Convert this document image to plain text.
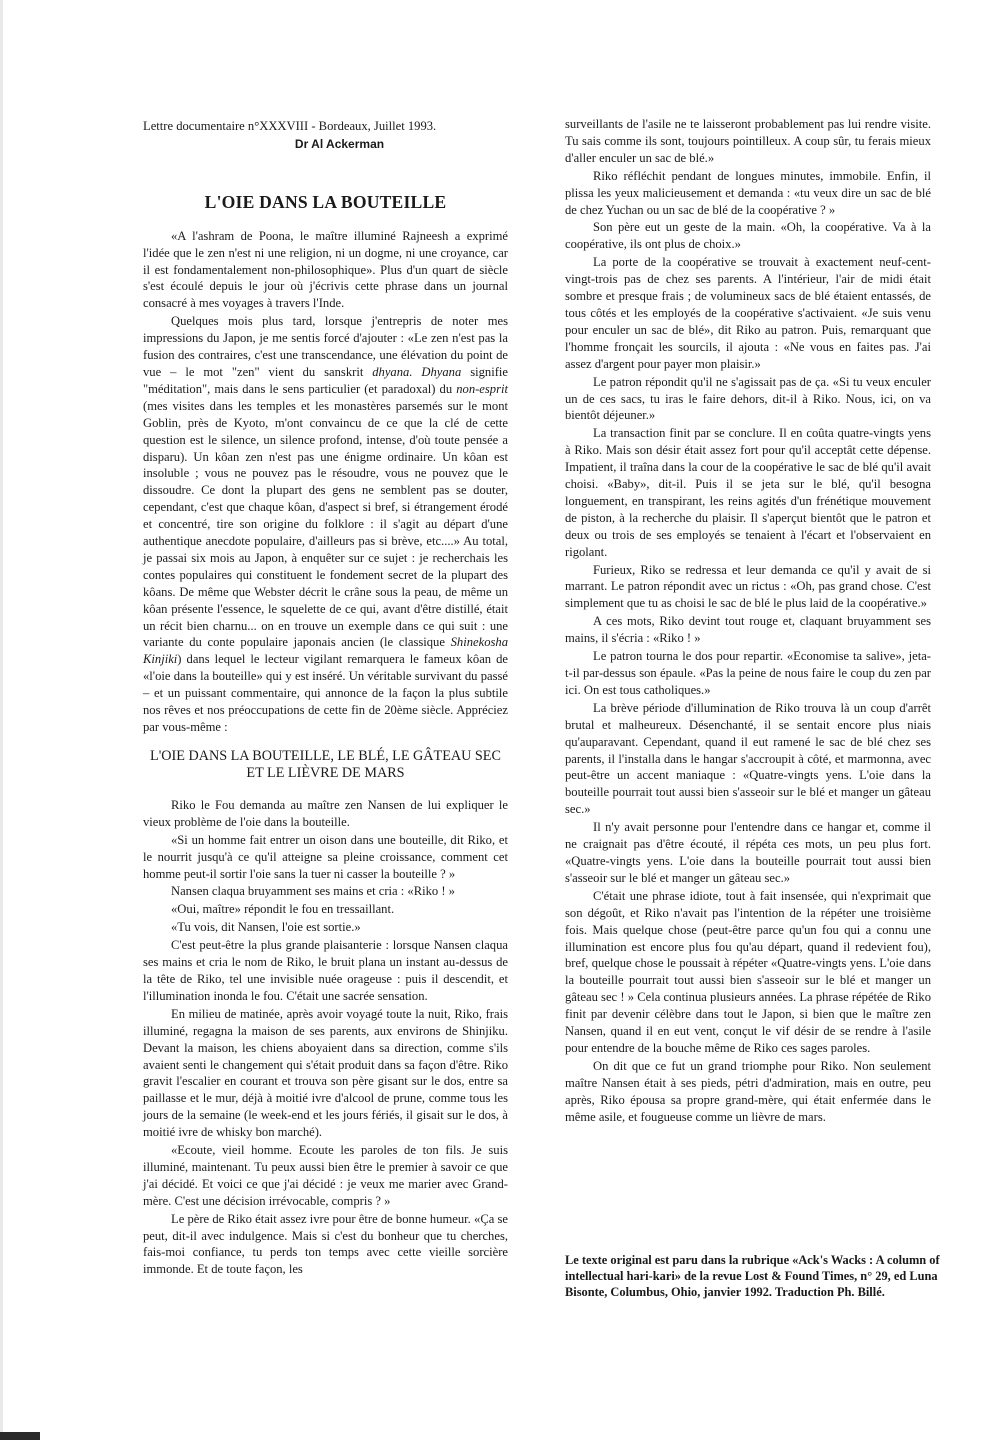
Lettre documentaire n°XXXVIII - Bordeaux, Juillet 1993.

Dr Al Ackerman

L'OIE DANS LA BOUTEILLE

«A l'ashram de Poona, le maître illuminé Rajneesh a exprimé l'idée que le zen n'est ni une religion, ni un dogme, ni une croyance, car il est fondamentalement non-philosophique». Plus d'un quart de siècle s'est écoulé depuis le jour où j'écrivis cette phrase dans un journal consacré à mes voyages à travers l'Inde.

Quelques mois plus tard, lorsque j'entrepris de noter mes impressions du Japon, je me sentis forcé d'ajouter : «Le zen n'est pas la fusion des contraires, c'est une transcendance, une élévation du point de vue – le mot "zen" vient du sanskrit dhyana. Dhyana signifie "méditation", mais dans le sens particulier (et paradoxal) du non-esprit (mes visites dans les temples et les monastères parsemés sur le mont Goblin, près de Kyoto, m'ont convaincu de ce que la clé de cette question est le silence, un silence profond, intense, d'où toute pensée a disparu). Un kôan zen n'est pas une énigme ordinaire. Un kôan est insoluble ; vous ne pouvez pas le résoudre, vous ne pouvez que le dissoudre. Ce dont la plupart des gens ne semblent pas se douter, cependant, c'est que chaque kôan, d'aspect si bref, si étrangement érodé et concentré, tire son origine du folklore : il s'agit au départ d'une authentique anecdote populaire, d'ailleurs pas si brève, etc....» Au total, je passai six mois au Japon, à enquêter sur ce sujet : je recherchais les contes populaires qui constituent le fondement secret de la plupart des kôans. De même que Webster décrit le crâne sous la peau, de même un kôan présente l'essence, le squelette de ce qui, avant d'être distillé, était un récit bien charnu... on en trouve un exemple dans ce qui suit : une variante du conte populaire japonais ancien (le classique Shinekosha Kinjiki) dans lequel le lecteur vigilant remarquera le fameux kôan de «l'oie dans la bouteille» qui y est inséré. Un véritable survivant du passé – et un puissant commentaire, qui annonce de la façon la plus subtile nos rêves et nos préoccupations de cette fin de 20ème siècle. Appréciez par vous-même :

L'OIE DANS LA BOUTEILLE, LE BLÉ, LE GÂTEAU SEC ET LE LIÈVRE DE MARS

Riko le Fou demanda au maître zen Nansen de lui expliquer le vieux problème de l'oie dans la bouteille.

«Si un homme fait entrer un oison dans une bouteille, dit Riko, et le nourrit jusqu'à ce qu'il atteigne sa pleine croissance, comment cet homme peut-il sortir l'oie sans la tuer ni casser la bouteille ? »

Nansen claqua bruyamment ses mains et cria : «Riko ! »

«Oui, maître» répondit le fou en tressaillant.

«Tu vois, dit Nansen, l'oie est sortie.»

C'est peut-être la plus grande plaisanterie : lorsque Nansen claqua ses mains et cria le nom de Riko, le bruit plana un instant au-dessus de la tête de Riko, tel une invisible nuée orageuse : puis il descendit, et l'illumination inonda le fou. C'était une sacrée sensation.

En milieu de matinée, après avoir voyagé toute la nuit, Riko, frais illuminé, regagna la maison de ses parents, aux environs de Shinjiku. Devant la maison, les chiens aboyaient dans sa direction, comme s'ils avaient senti le changement qui s'était produit dans sa façon d'être. Riko gravit l'escalier en courant et trouva son père gisant sur le dos, entre sa paillasse et le mur, déjà à moitié ivre d'alcool de prune, comme tous les jours de la semaine (le week-end et les jours fériés, il gisait sur le dos, à moitié ivre de whisky bon marché).

«Ecoute, vieil homme. Ecoute les paroles de ton fils. Je suis illuminé, maintenant. Tu peux aussi bien être le premier à savoir ce que j'ai décidé. Et voici ce que j'ai décidé : je veux me marier avec Grand-mère. C'est une décision irrévocable, compris ? »

Le père de Riko était assez ivre pour être de bonne humeur. «Ça se peut, dit-il avec indulgence. Mais si c'est du bonheur que tu cherches, fais-moi confiance, tu perds ton temps avec cette vieille sorcière immonde. Et de toute façon, les

surveillants de l'asile ne te laisseront probablement pas lui rendre visite. Tu sais comme ils sont, toujours pointilleux. A coup sûr, tu ferais mieux d'aller enculer un sac de blé.»

Riko réfléchit pendant de longues minutes, immobile. Enfin, il plissa les yeux malicieusement et demanda : «tu veux dire un sac de blé de chez Yuchan ou un sac de blé de la coopérative ? »

Son père eut un geste de la main. «Oh, la coopérative. Va à la coopérative, ils ont plus de choix.»

La porte de la coopérative se trouvait à exactement neuf-cent-vingt-trois pas de chez ses parents. A l'intérieur, l'air de midi était sombre et presque frais ; de volumineux sacs de blé étaient entassés, de tous côtés et les employés de la coopérative s'activaient. «Je suis venu pour enculer un sac de blé», dit Riko au patron. Puis, remarquant que l'homme fronçait les sourcils, il ajouta : «Ne vous en faites pas. J'ai assez d'argent pour payer mon plaisir.»

Le patron répondit qu'il ne s'agissait pas de ça. «Si tu veux enculer un de ces sacs, tu iras le faire dehors, dit-il à Riko. Nous, ici, on va bientôt déjeuner.»

La transaction finit par se conclure. Il en coûta quatre-vingts yens à Riko. Mais son désir était assez fort pour qu'il acceptât cette dépense. Impatient, il traîna dans la cour de la coopérative le sac de blé qu'il avait choisi. «Baby», dit-il. Puis il se jeta sur le blé, qu'il besogna longuement, en transpirant, les reins agités d'un frénétique mouvement de piston, à la recherche du plaisir. Il s'aperçut bientôt que le patron et deux ou trois de ses employés se tenaient à l'écart et l'observaient en rigolant.

Furieux, Riko se redressa et leur demanda ce qu'il y avait de si marrant. Le patron répondit avec un rictus : «Oh, pas grand chose. C'est simplement que tu as choisi le sac de blé le plus laid de la coopérative.»

A ces mots, Riko devint tout rouge et, claquant bruyamment ses mains, il s'écria : «Riko ! »

Le patron tourna le dos pour repartir. «Economise ta salive», jeta-t-il par-dessus son épaule. «Pas la peine de nous faire le coup du zen par ici. On est tous catholiques.»

La brève période d'illumination de Riko trouva là un coup d'arrêt brutal et malheureux. Désenchanté, il se sentait encore plus niais qu'auparavant. Cependant, quand il eut ramené le sac de blé chez ses parents, il l'installa dans le hangar s'accroupit à côté, et marmonna, avec peut-être un accent maniaque : «Quatre-vingts yens. L'oie dans la bouteille pourrait tout aussi bien s'asseoir sur le blé et manger un gâteau sec.»

Il n'y avait personne pour l'entendre dans ce hangar et, comme il ne craignait pas d'être écouté, il répéta ces mots, un peu plus fort. «Quatre-vingts yens. L'oie dans la bouteille pourrait tout aussi bien s'asseoir sur le blé et manger un gâteau sec.»

C'était une phrase idiote, tout à fait insensée, qui n'exprimait que son dégoût, et Riko n'avait pas l'intention de la répéter une troisième fois. Mais quelque chose (peut-être parce qu'un fou qui a connu une illumination est encore plus fou qu'au départ, quand il redevient fou), bref, quelque chose le poussait à répéter «Quatre-vingts yens. L'oie dans la bouteille pourrait tout aussi bien s'asseoir sur le blé et manger un gâteau sec ! » Cela continua plusieurs années. La phrase répétée de Riko finit par devenir célèbre dans tout le Japon, si bien que le maître zen Nansen, quand il en eut vent, conçut le vif désir de se rendre à l'asile pour entendre de la bouche même de Riko ces sages paroles.

On dit que ce fut un grand triomphe pour Riko. Non seulement maître Nansen était à ses pieds, pétri d'admiration, mais en outre, peu après, Riko épousa sa propre grand-mère, qui était enfermée dans le même asile, et fougueuse comme un lièvre de mars.

Le texte original est paru dans la rubrique «Ack's Wacks : A column of intellectual hari-kari» de la revue Lost & Found Times, n° 29, ed Luna Bisonte, Columbus, Ohio, janvier 1992. Traduction Ph. Billé.
